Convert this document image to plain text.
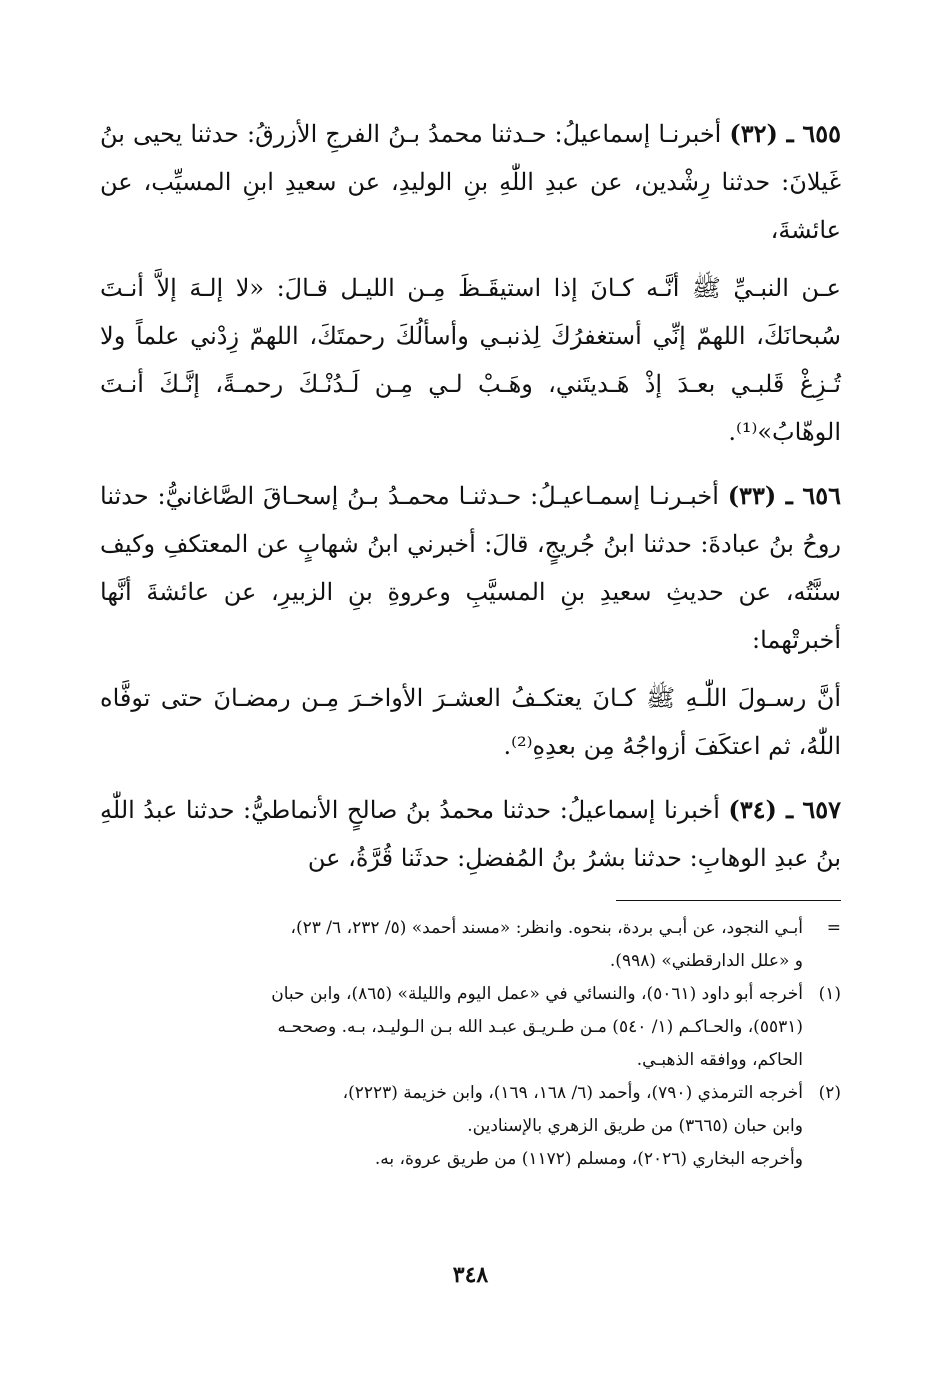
٦٥٥ ـ (٣٢) أخبرنـا إسماعيلُ: حـدثنا محمدُ بـنُ الفرجِ الأزرقُ: حدثنا يحيى بنُ غَيلانَ: حدثنا رِشْدين، عن عبدِ اللّٰهِ بنِ الوليدِ، عن سعيدِ ابنِ المسيِّب، عن عائشةَ،

عـن النبـيِّ ﷺ أنَّـه كـانَ إذا استيقَـظَ مِـن الليـل قـالَ: «لا إلـهَ إلاَّ أنـتَ سُبحانَكَ، اللهمّ إنِّي أستغفرُكَ لِذنبـي وأسألُكَ رحمتَكَ، اللهمّ زِدْني علماً ولا تُـزِغْ قَلبـي بعـدَ إذْ هَـديتَني، وهَـبْ لـي مِـن لَـدُنْـكَ رحمـةً، إنَّـكَ أنـتَ الوهّابُ»⁽¹⁾.

٦٥٦ ـ (٣٣) أخبـرنـا إسمـاعيـلُ: حـدثنـا محمـدُ بـنُ إسحـاقَ الصَّاغانيُّ: حدثنا روحُ بنُ عبادةَ: حدثنا ابنُ جُريجٍ، قالَ: أخبرني ابنُ شهابٍ عن المعتكفِ وكيف سنَّتُه، عن حديثِ سعيدِ بنِ المسيَّبِ وعروةِ بنِ الزبيرِ، عن عائشةَ أنَّها أخبرتْهما:

أنَّ رسـولَ اللّٰـهِ ﷺ كـانَ يعتكـفُ العشـرَ الأواخـرَ مِـن رمضـانَ حتى توفَّاه اللّٰهُ، ثم اعتكَفَ أزواجُهُ مِن بعدِهِ⁽²⁾.

٦٥٧ ـ (٣٤) أخبرنا إسماعيلُ: حدثنا محمدُ بنُ صالحٍ الأنماطيُّ: حدثنا عبدُ اللّٰهِ بنُ عبدِ الوهابِ: حدثنا بشرُ بنُ المُفضلِ: حدثَنا قُرَّةُ، عن

=
أبـي النجود، عن أبـي بردة، بنحوه. وانظر: «مسند أحمد» (٥/ ٢٣٢، ٦/ ٢٣)،
و «علل الدارقطني» (٩٩٨).
(١)
أخرجه أبو داود (٥٠٦١)، والنسائي في «عمل اليوم والليلة» (٨٦٥)، وابن حبان
(٥٥٣١)، والحـاكـم (١/ ٥٤٠) مـن طـريـق عبـد الله بـن الـوليـد، بـه. وصححـه
الحاكم، ووافقه الذهبـي.
(٢)
أخرجه الترمذي (٧٩٠)، وأحمد (٦/ ١٦٨، ١٦٩)، وابن خزيمة (٢٢٢٣)،
وابن حبان (٣٦٦٥) من طريق الزهري بالإسنادين.
وأخرجه البخاري (٢٠٢٦)، ومسلم (١١٧٢) من طريق عروة، به.
٣٤٨
